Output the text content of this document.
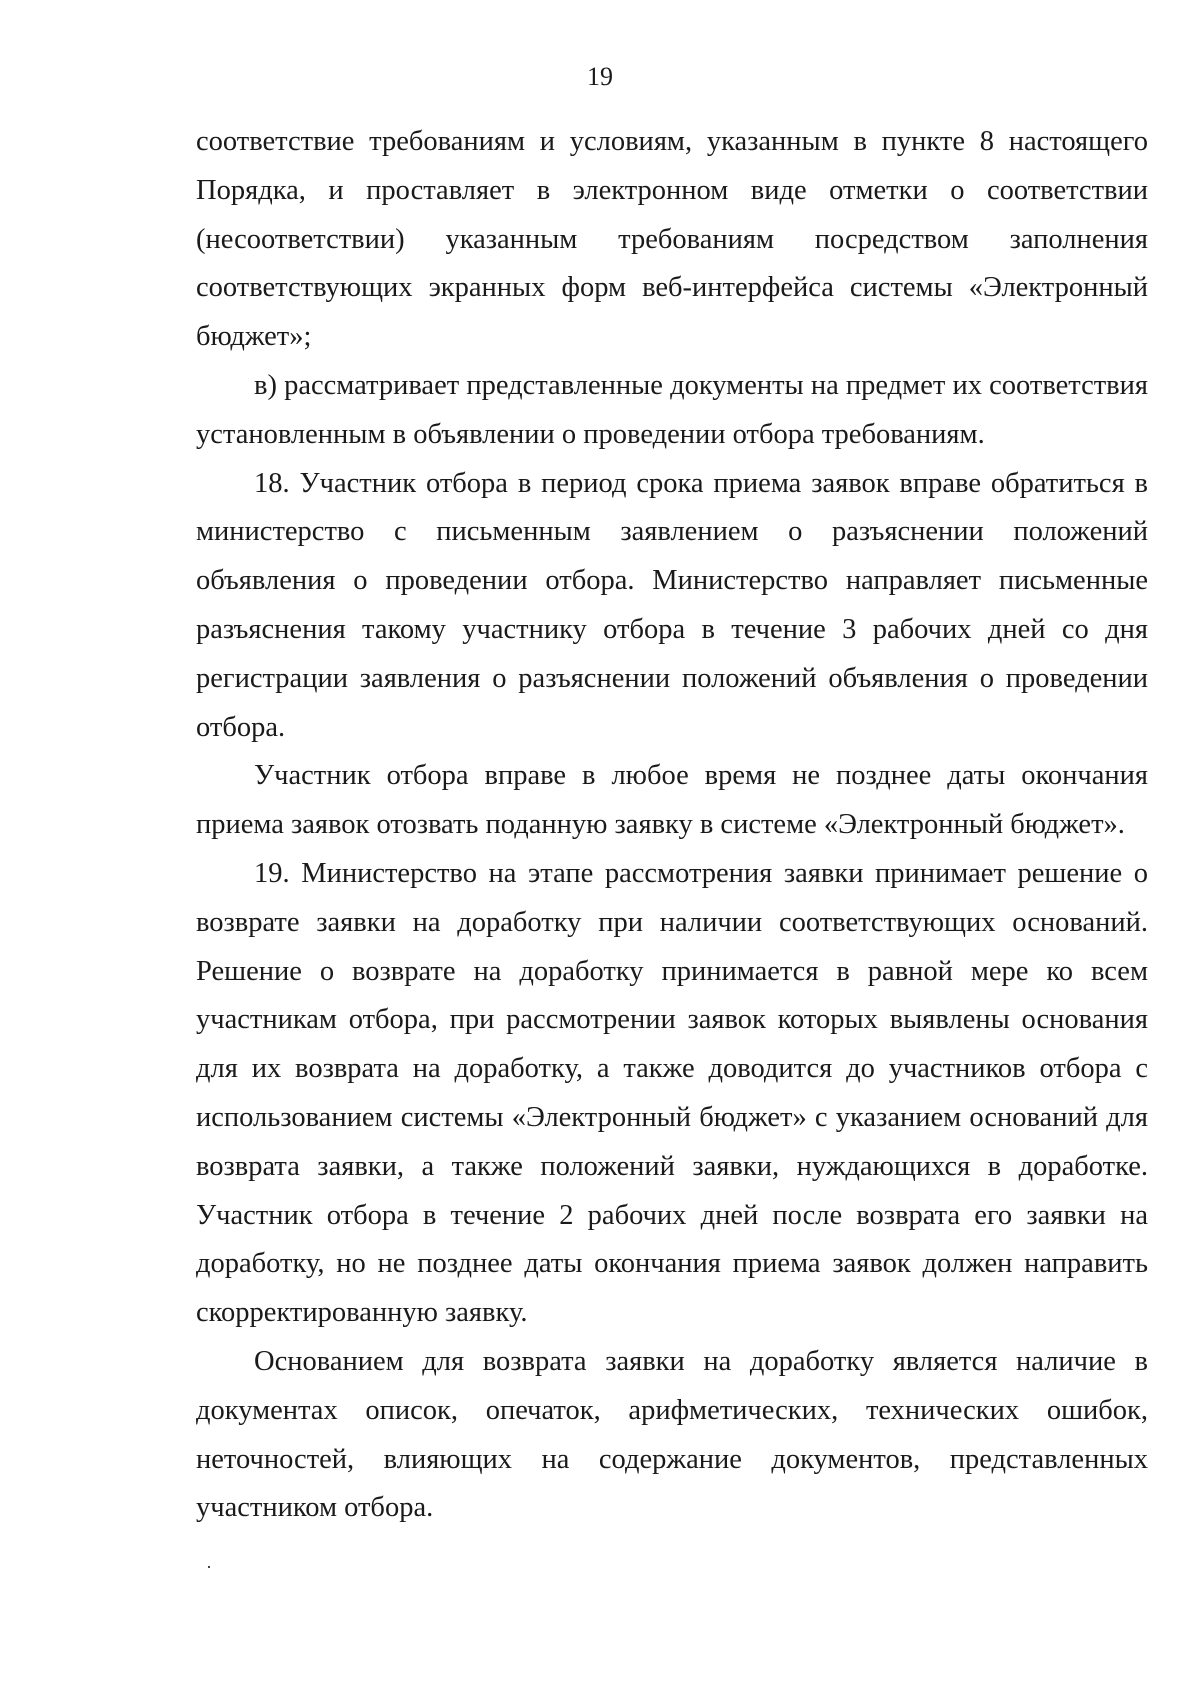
19

соответствие требованиям и условиям, указанным в пункте 8 настоящего Порядка, и проставляет в электронном виде отметки о соответствии (несоответствии) указанным требованиям посредством заполнения соответствующих экранных форм веб-интерфейса системы «Электронный бюджет»;

в) рассматривает представленные документы на предмет их соответствия установленным в объявлении о проведении отбора требованиям.

18. Участник отбора в период срока приема заявок вправе обратиться в министерство с письменным заявлением о разъяснении положений объявления о проведении отбора. Министерство направляет письменные разъяснения такому участнику отбора в течение 3 рабочих дней со дня регистрации заявления о разъяснении положений объявления о проведении отбора.

Участник отбора вправе в любое время не позднее даты окончания приема заявок отозвать поданную заявку в системе «Электронный бюджет».

19. Министерство на этапе рассмотрения заявки принимает решение о возврате заявки на доработку при наличии соответствующих оснований. Решение о возврате на доработку принимается в равной мере ко всем участникам отбора, при рассмотрении заявок которых выявлены основания для их возврата на доработку, а также доводится до участников отбора с использованием системы «Электронный бюджет» с указанием оснований для возврата заявки, а также положений заявки, нуждающихся в доработке. Участник отбора в течение 2 рабочих дней после возврата его заявки на доработку, но не позднее даты окончания приема заявок должен направить скорректированную заявку.

Основанием для возврата заявки на доработку является наличие в документах описок, опечаток, арифметических, технических ошибок, неточностей, влияющих на содержание документов, представленных участником отбора.
